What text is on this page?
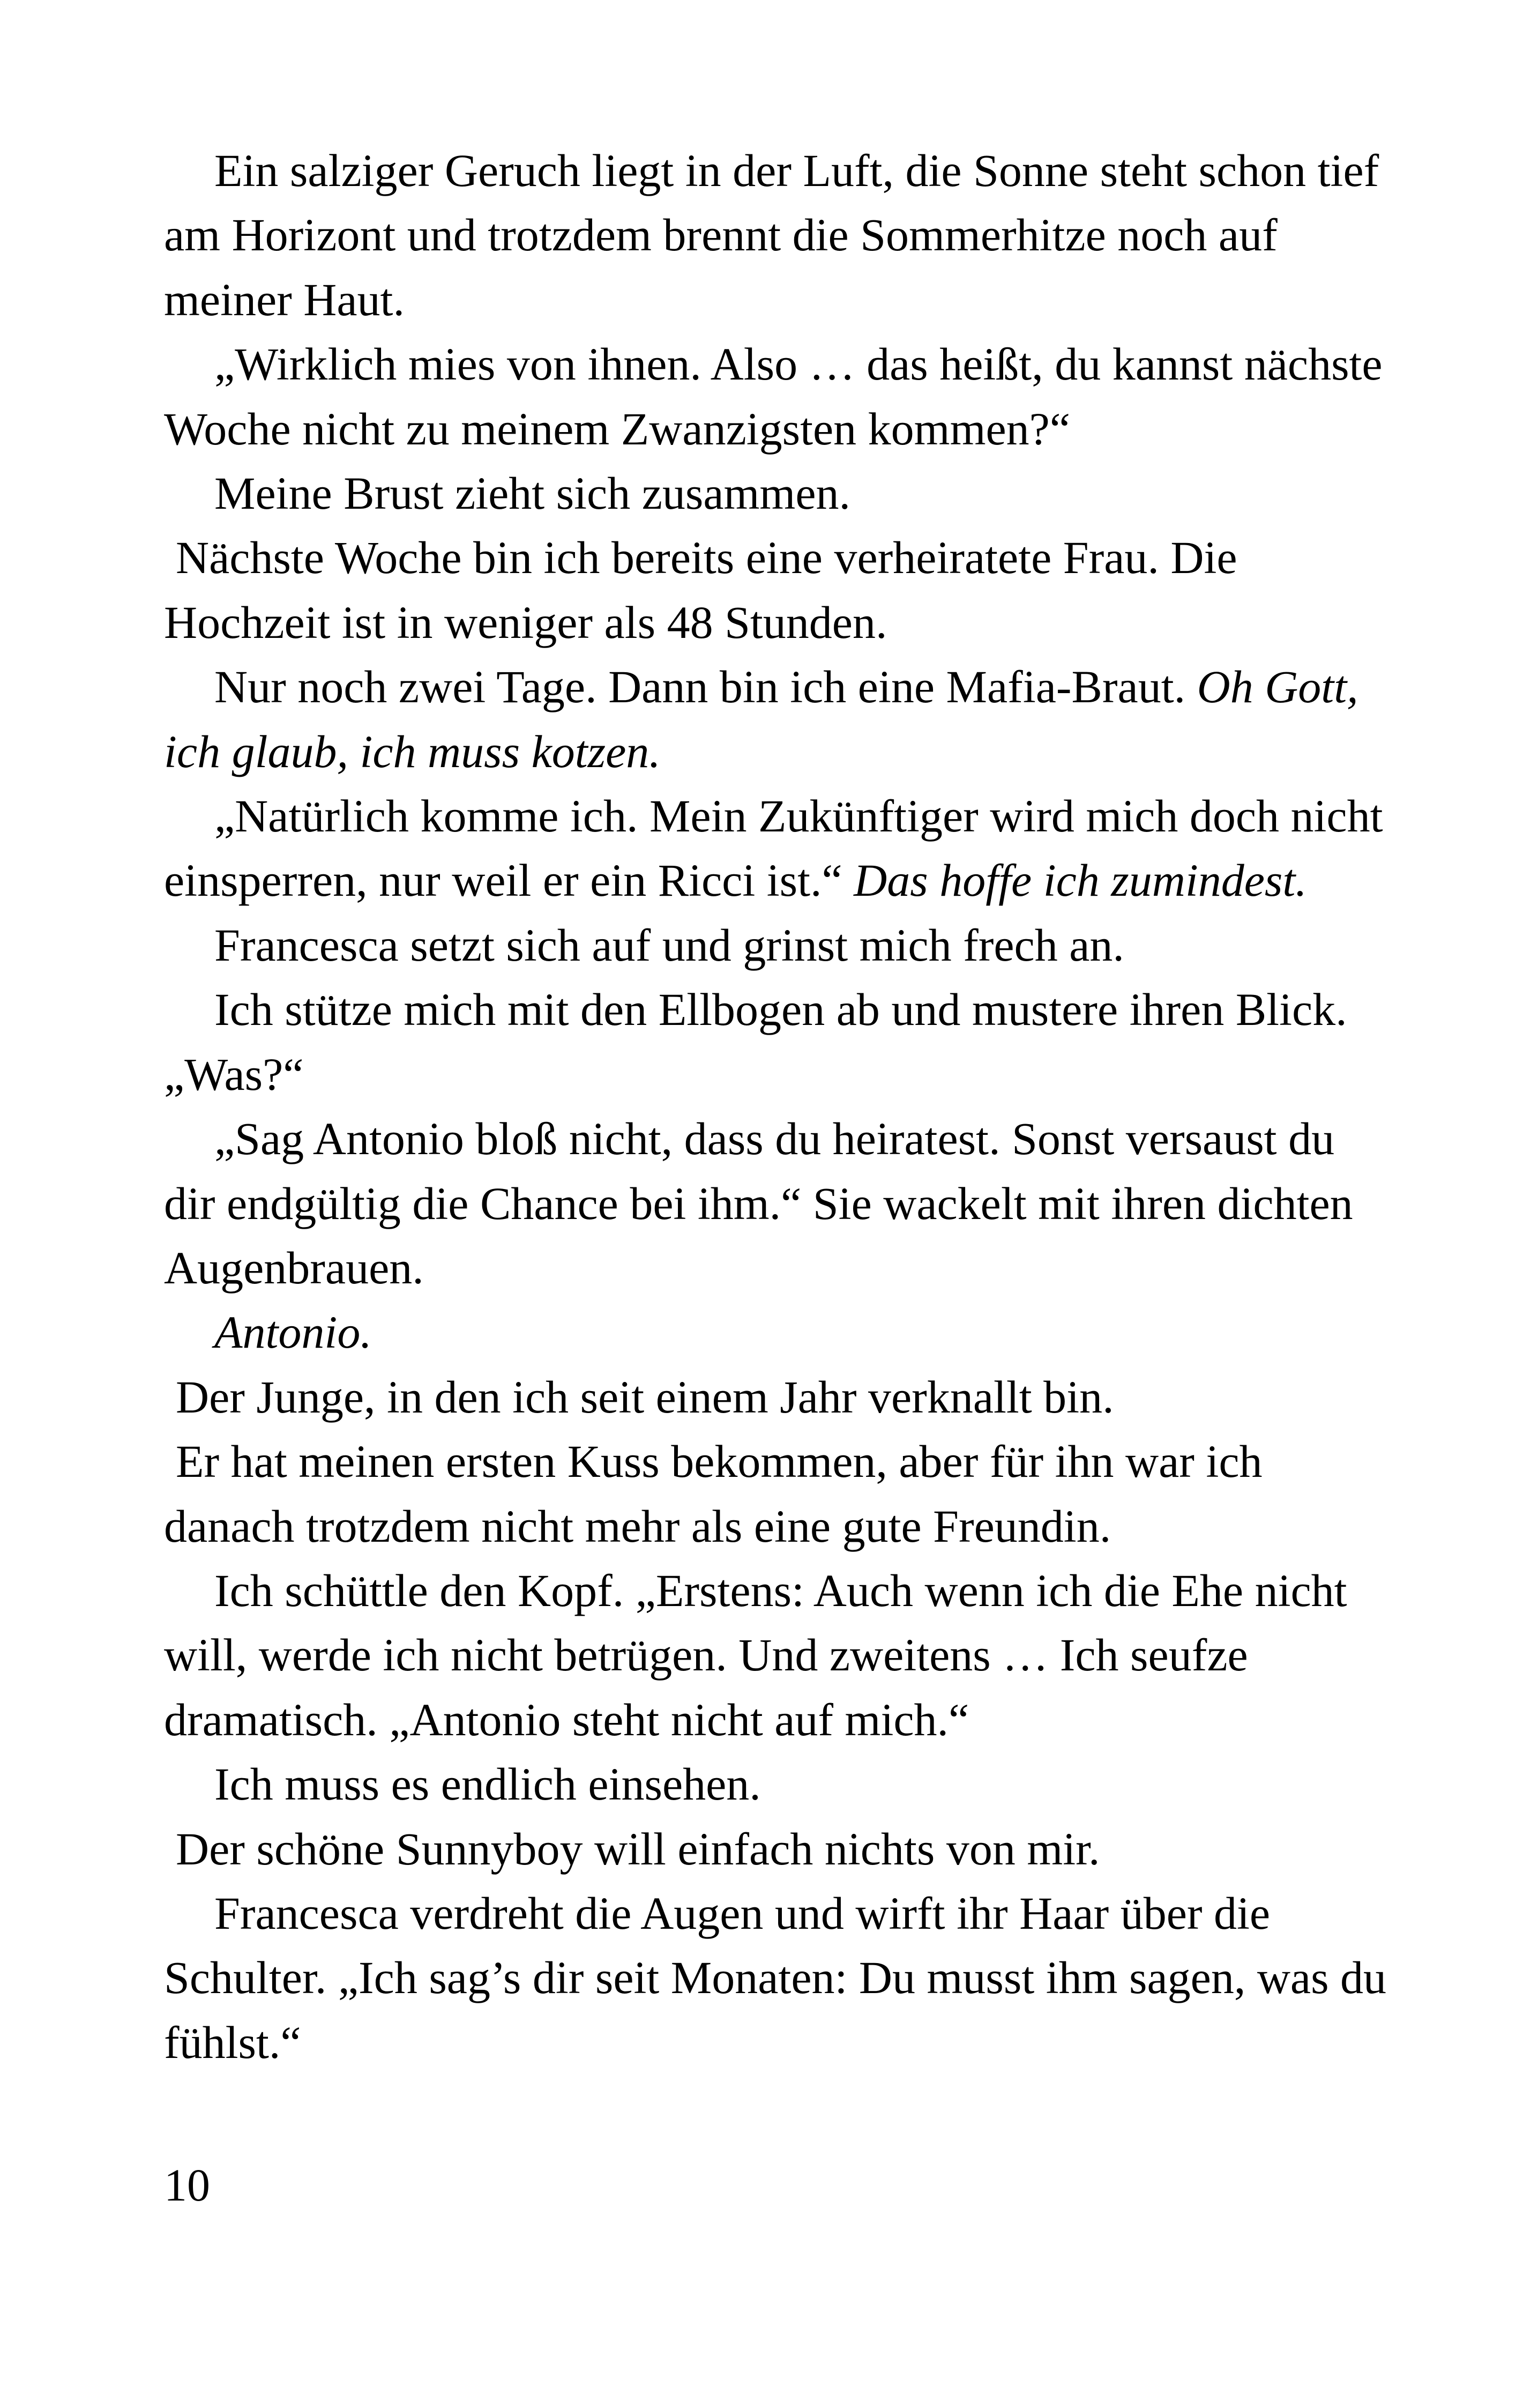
Ein salziger Geruch liegt in der Luft, die Sonne steht schon tief am Horizont und trotzdem brennt die Sommerhitze noch auf meiner Haut.

„Wirklich mies von ihnen. Also … das heißt, du kannst nächste Woche nicht zu meinem Zwanzigsten kommen?“

Meine Brust zieht sich zusammen.

Nächste Woche bin ich bereits eine verheiratete Frau. Die Hochzeit ist in weniger als 48 Stunden.

Nur noch zwei Tage. Dann bin ich eine Mafia-Braut. Oh Gott, ich glaub, ich muss kotzen.

„Natürlich komme ich. Mein Zukünftiger wird mich doch nicht einsperren, nur weil er ein Ricci ist.“ Das hoffe ich zumindest.

Francesca setzt sich auf und grinst mich frech an.

Ich stütze mich mit den Ellbogen ab und mustere ihren Blick. „Was?“

„Sag Antonio bloß nicht, dass du heiratest. Sonst versaust du dir endgültig die Chance bei ihm.“ Sie wackelt mit ihren dichten Augenbrauen.

Antonio.

Der Junge, in den ich seit einem Jahr verknallt bin.

Er hat meinen ersten Kuss bekommen, aber für ihn war ich danach trotzdem nicht mehr als eine gute Freundin.

Ich schüttle den Kopf. „Erstens: Auch wenn ich die Ehe nicht will, werde ich nicht betrügen. Und zweitens … Ich seufze dramatisch. „Antonio steht nicht auf mich.“

Ich muss es endlich einsehen.

Der schöne Sunnyboy will einfach nichts von mir.

Francesca verdreht die Augen und wirft ihr Haar über die Schulter. „Ich sag’s dir seit Monaten: Du musst ihm sagen, was du fühlst.“

10
